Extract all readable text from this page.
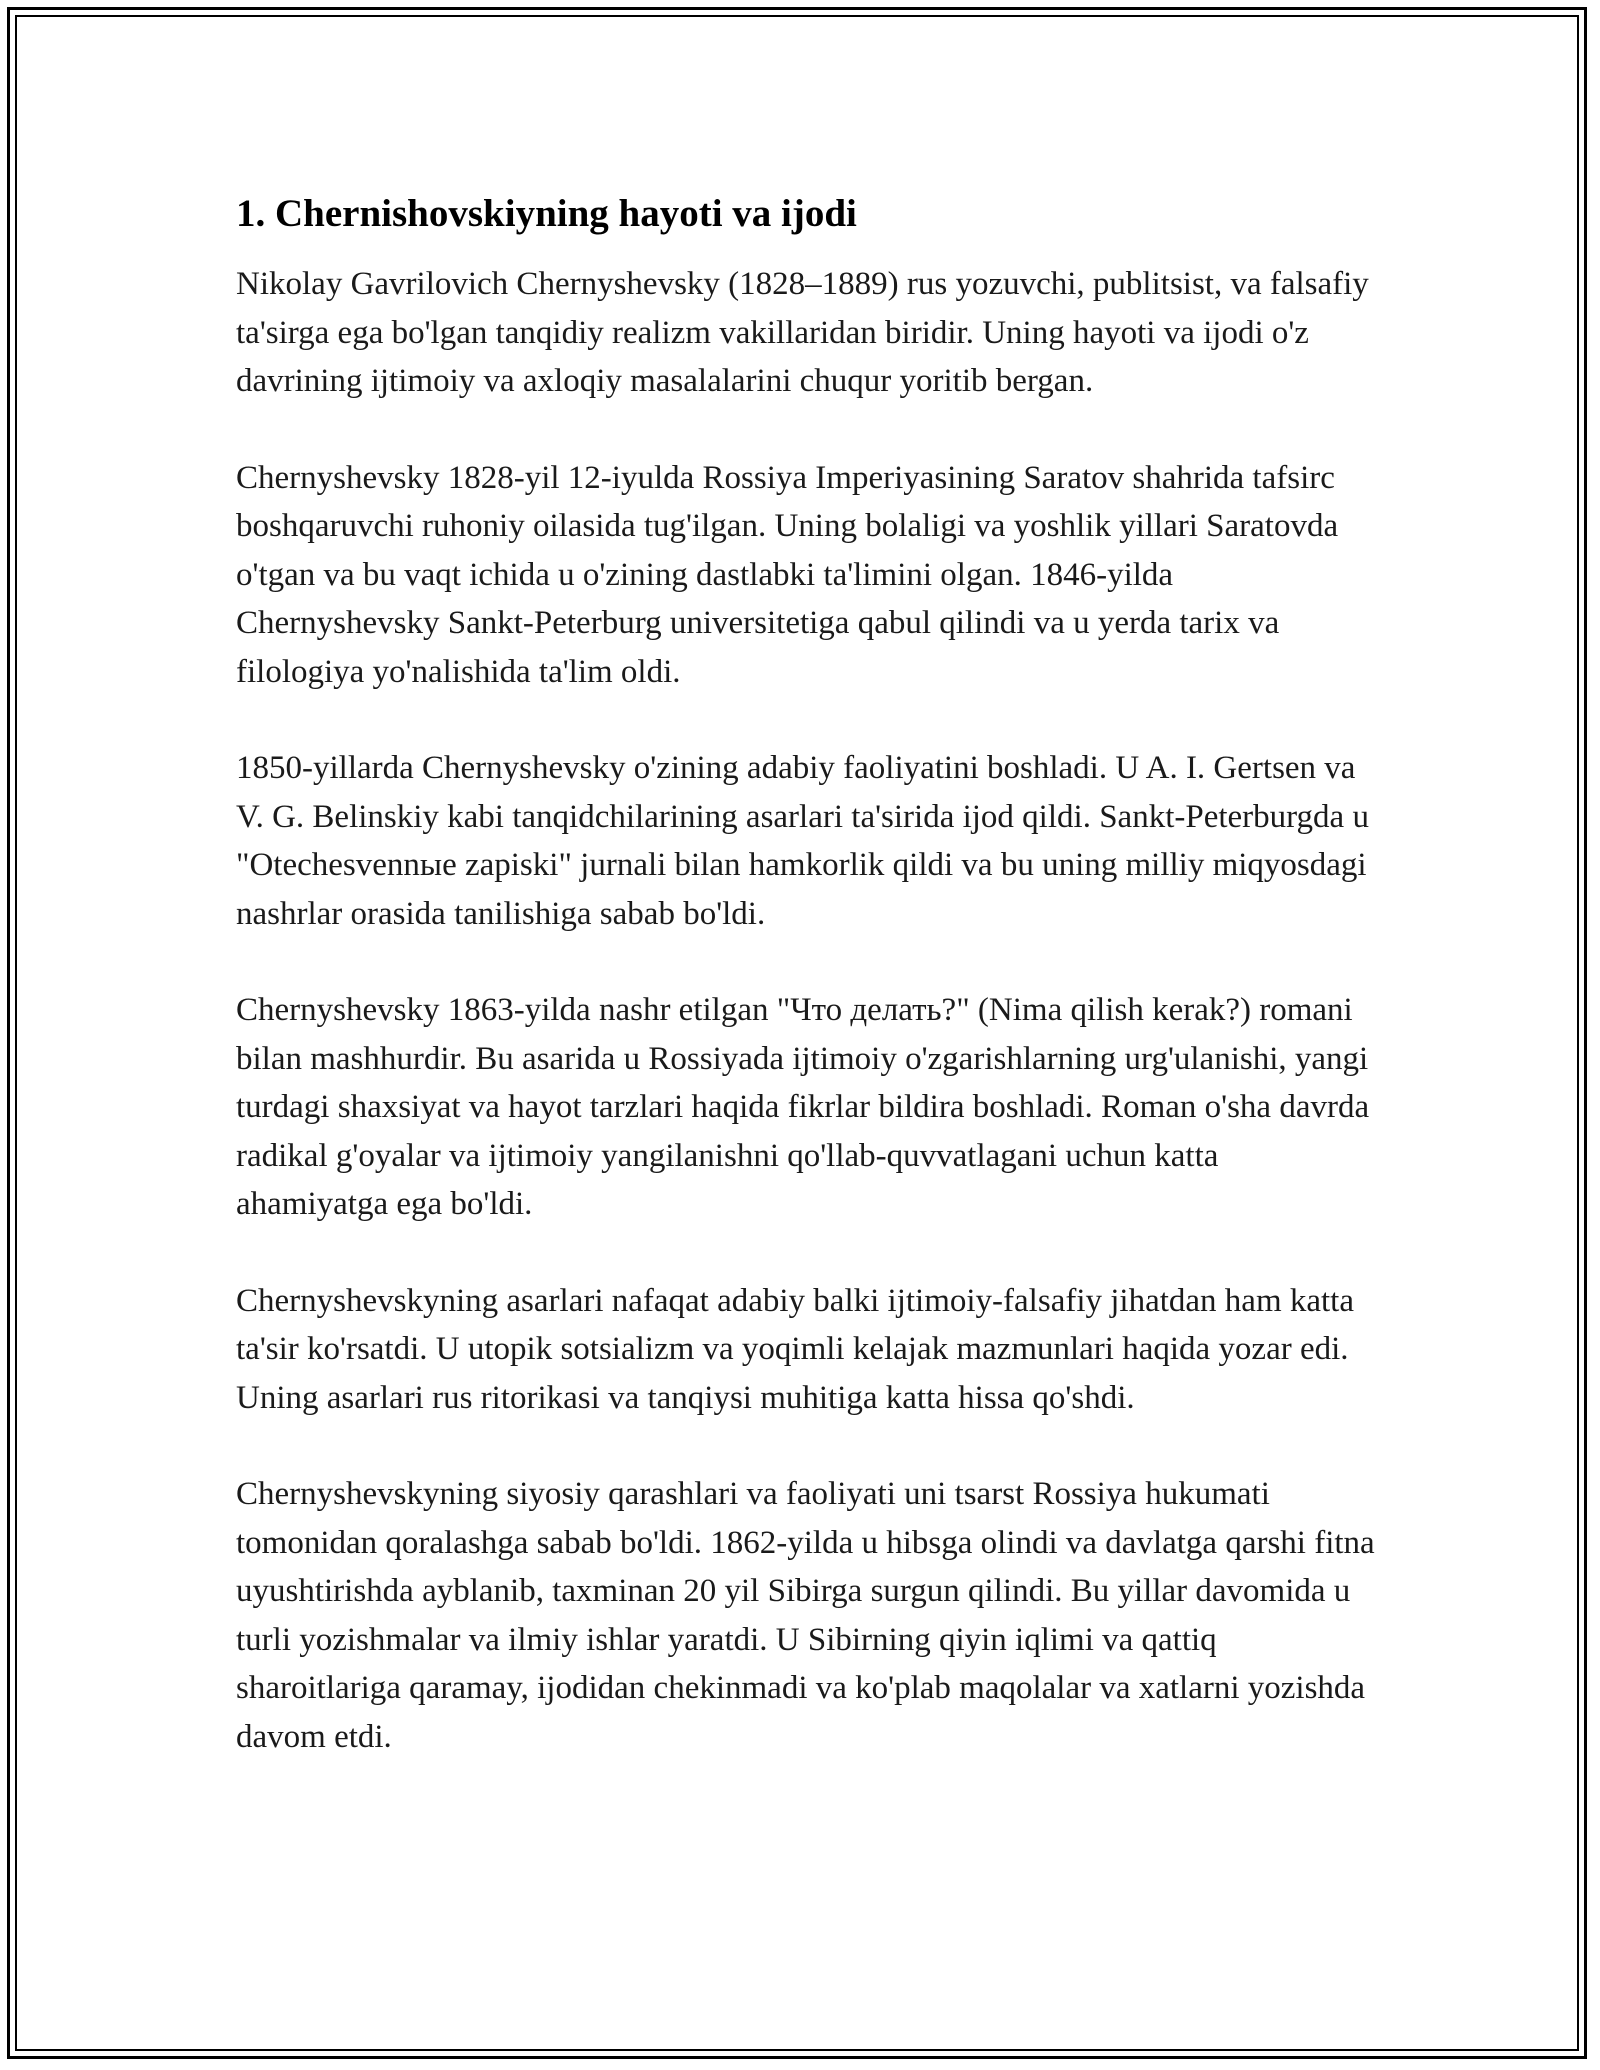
1. Chernishovskiyning hayoti va ijodi

Nikolay Gavrilovich Chernyshevsky (1828–1889) rus yozuvchi, publitsist, va falsafiy ta'sirga ega bo'lgan tanqidiy realizm vakillaridan biridir. Uning hayoti va ijodi o'z davrining ijtimoiy va axloqiy masalalarini chuqur yoritib bergan.

Chernyshevsky 1828-yil 12-iyulda Rossiya Imperiyasining Saratov shahrida tafsirc boshqaruvchi ruhoniy oilasida tug'ilgan. Uning bolaligi va yoshlik yillari Saratovda o'tgan va bu vaqt ichida u o'zining dastlabki ta'limini olgan. 1846-yilda Chernyshevsky Sankt-Peterburg universitetiga qabul qilindi va u yerda tarix va filologiya yo'nalishida ta'lim oldi.

1850-yillarda Chernyshevsky o'zining adabiy faoliyatini boshladi. U A. I. Gertsen va V. G. Belinskiy kabi tanqidchilarining asarlari ta'sirida ijod qildi. Sankt-Peterburgda u "Otechesvennые zapiski" jurnali bilan hamkorlik qildi va bu uning milliy miqyosdagi nashrlar orasida tanilishiga sabab bo'ldi.

Chernyshevsky 1863-yilda nashr etilgan "Что делать?" (Nima qilish kerak?) romani bilan mashhurdir. Bu asarida u Rossiyada ijtimoiy o'zgarishlarning urg'ulanishi, yangi turdagi shaxsiyat va hayot tarzlari haqida fikrlar bildira boshladi. Roman o'sha davrda radikal g'oyalar va ijtimoiy yangilanishni qo'llab-quvvatlagani uchun katta ahamiyatga ega bo'ldi.

Chernyshevskyning asarlari nafaqat adabiy balki ijtimoiy-falsafiy jihatdan ham katta ta'sir ko'rsatdi. U utopik sotsializm va yoqimli kelajak mazmunlari haqida yozar edi. Uning asarlari rus ritorikasi va tanqiysi muhitiga katta hissa qo'shdi.

Chernyshevskyning siyosiy qarashlari va faoliyati uni tsarst Rossiya hukumati tomonidan qoralashga sabab bo'ldi. 1862-yilda u hibsga olindi va davlatga qarshi fitna uyushtirishda ayblanib, taxminan 20 yil Sibirga surgun qilindi. Bu yillar davomida u turli yozishmalar va ilmiy ishlar yaratdi. U Sibirning qiyin iqlimi va qattiq sharoitlariga qaramay, ijodidan chekinmadi va ko'plab maqolalar va xatlarni yozishda davom etdi.
